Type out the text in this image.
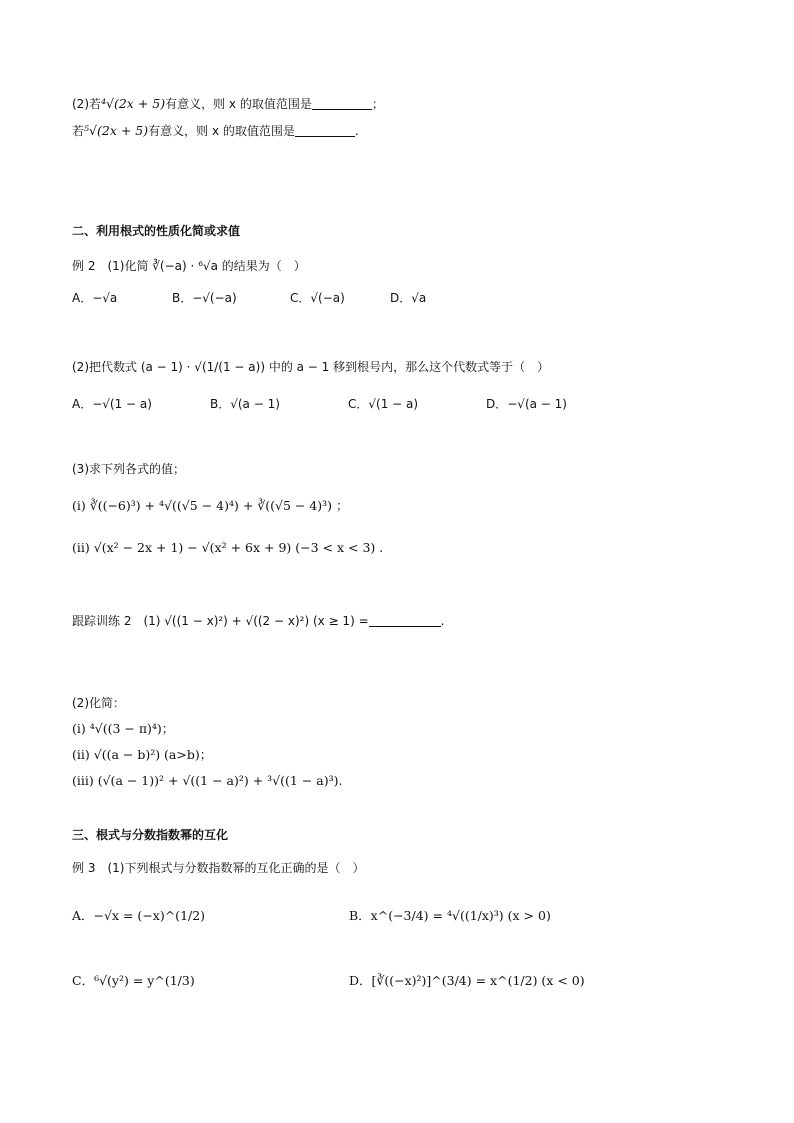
(2)若⁴√(2x + 5)有意义，则 x 的取值范围是	；
若⁵√(2x + 5)有意义，则 x 的取值范围是	.
二、利用根式的性质化简或求值
例 2　(1)化简 ∛(−a) · ⁶√a 的结果为（　）
A．−√a	B．−√(−a)	C．√(−a)	D．√a
(2)把代数式 (a − 1) · √(1/(1 − a)) 中的 a − 1 移到根号内，那么这个代数式等于（　）
A．−√(1 − a)	B．√(a − 1)	C．√(1 − a)	D．−√(a − 1)
(3)求下列各式的值；
(i) ∛((−6)³) + ⁴√((√5 − 4)⁴) + ∛((√5 − 4)³) ；
(ii) √(x² − 2x + 1) − √(x² + 6x + 9) (−3 < x < 3) .
跟踪训练 2　(1) √((1 − x)²) + √((2 − x)²) (x ≥ 1) =	.
(2)化简：
(i) ⁴√((3 − π)⁴)；
(ii) √((a − b)²) (a>b)；
(iii) (√(a − 1))² + √((1 − a)²) + ³√((1 − a)³).
三、根式与分数指数幂的互化
例 3　(1)下列根式与分数指数幂的互化正确的是（　）
A．−√x = (−x)^(1/2)	B．x^(−3/4) = ⁴√((1/x)³) (x > 0)
C．⁶√(y²) = y^(1/3)	D．[∛((−x)²)]^(3/4) = x^(1/2) (x < 0)
